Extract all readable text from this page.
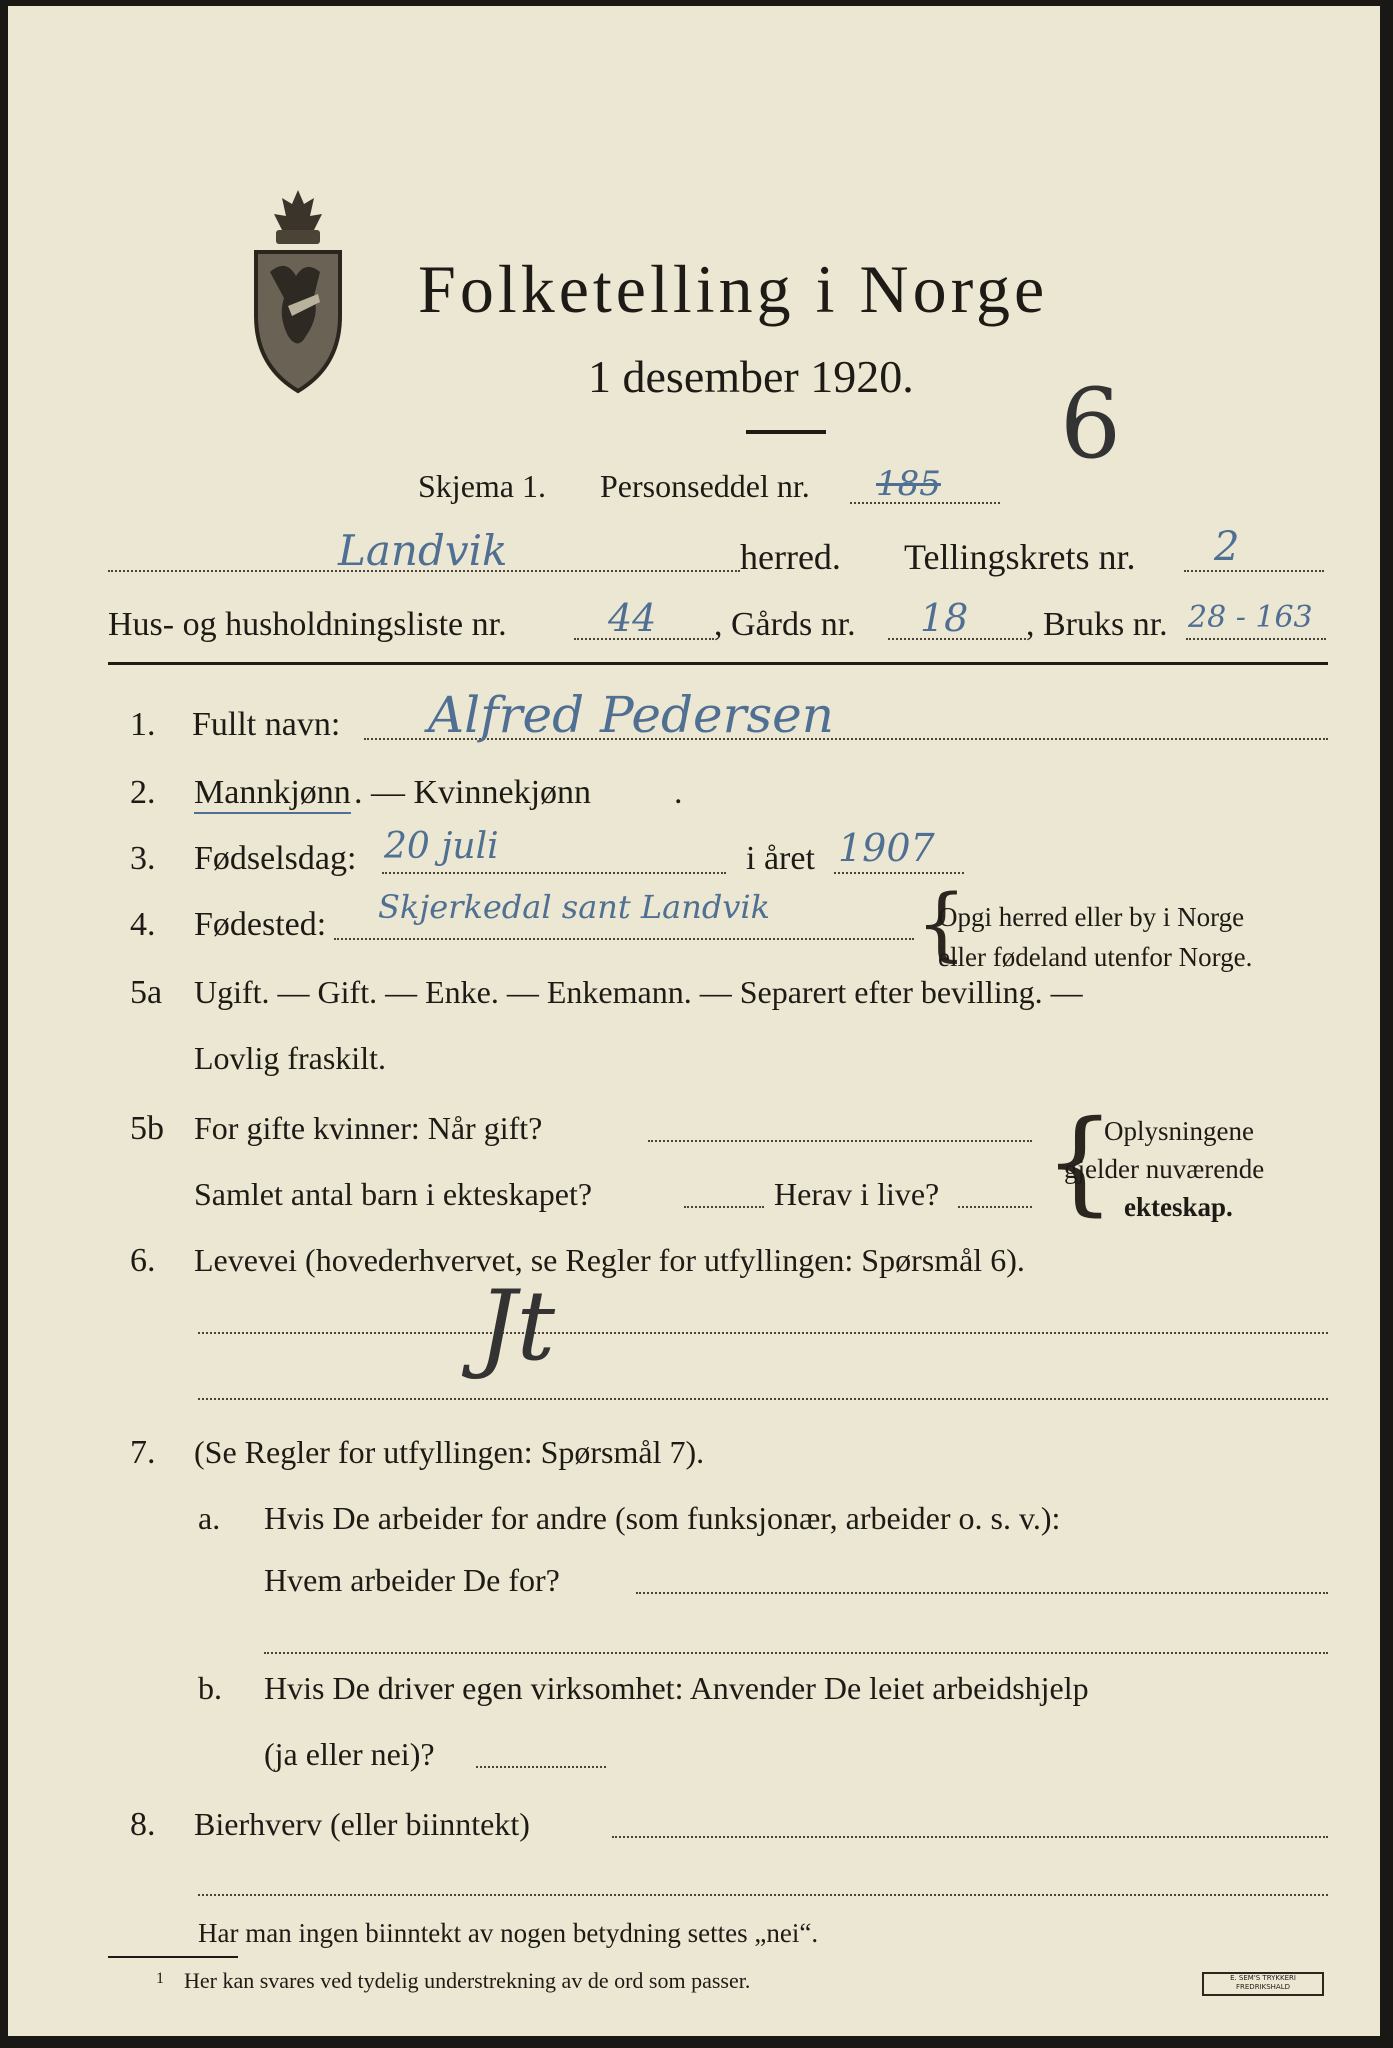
Folketelling i Norge
1 desember 1920. 6
Skjema 1. Personseddel nr. 185
Landvik	herred. Tellingskrets nr. 2
Hus- og husholdningsliste nr.	44 , Gårds nr. 18 , Bruks nr. 28 - 163
1. Fullt navn: Alfred Pedersen
2. Mannkjønn . — Kvinnekjønn .
3. Fødselsdag: 20 juli	i året 1907
4. Fødested: Skjerkedal sant Landvik {
Opgi herred eller by i Norge
eller fødeland utenfor Norge.
5a Ugift. — Gift. — Enke. — Enkemann. — Separert efter bevilling. —
Lovlig fraskilt.
5b For gifte kvinner: Når gift?
Samlet antal barn i ekteskapet?	Herav i live? {
Oplysningene
gjelder nuværende
ekteskap.
6. Levevei (hovederhvervet, se Regler for utfyllingen: Spørsmål 6).
Jt
7. (Se Regler for utfyllingen: Spørsmål 7).
a. Hvis De arbeider for andre (som funksjonær, arbeider o. s. v.):
Hvem arbeider De for?
b. Hvis De driver egen virksomhet: Anvender De leiet arbeidshjelp
(ja eller nei)?
8. Bierhverv (eller biinntekt)
Har man ingen biinntekt av nogen betydning settes „nei“.
1 Her kan svares ved tydelig understrekning av de ord som passer.	E. SEM'S TRYKKERI FREDRIKSHALD
